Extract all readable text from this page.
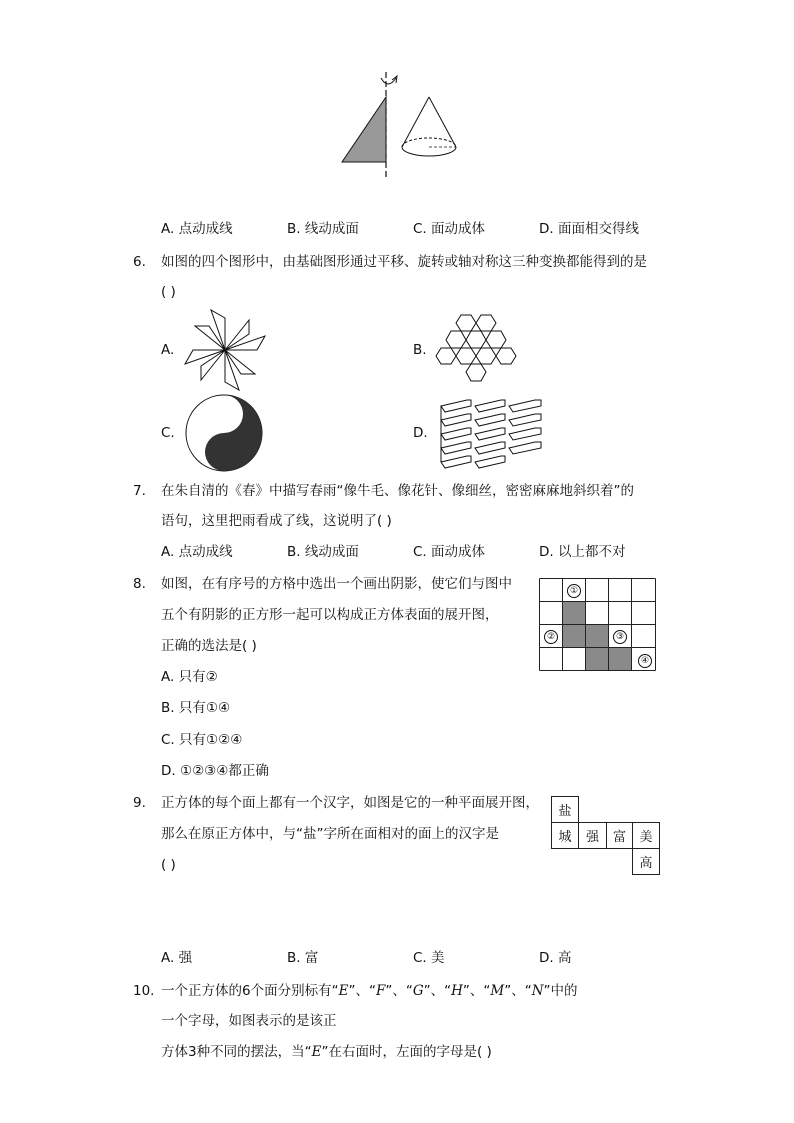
A. 点动成线	B. 线动成面	C. 面动成体	D. 面面相交得线
6. 如图的四个图形中，由基础图形通过平移、旋转或轴对称这三种变换都能得到的是
( )
A.	B.
C.	D.
7. 在朱自清的《春》中描写春雨“像牛毛、像花针、像细丝，密密麻麻地斜织着”的
语句，这里把雨看成了线，这说明了( )
A. 点动成线	B. 线动成面	C. 面动成体	D. 以上都不对
8. 如图，在有序号的方格中选出一个画出阴影，使它们与图中
五个有阴影的正方形一起可以构成正方体表面的展开图，
正确的选法是( )
A. 只有②
B. 只有①④
C. 只有①②④
D. ①②③④都正确
①
②	③
④
9. 正方体的每个面上都有一个汉字，如图是它的一种平面展开图，
那么在原正方体中，与“盐”字所在面相对的面上的汉字是
( )
盐
城	强	富	美
高
A. 强	B. 富	C. 美	D. 高
10. 一个正方体的6个面分别标有“E”、“F”、“G”、“H”、“M”、“N”中的
一个字母，如图表示的是该正
方体3种不同的摆法，当“E”在右面时，左面的字母是( )
